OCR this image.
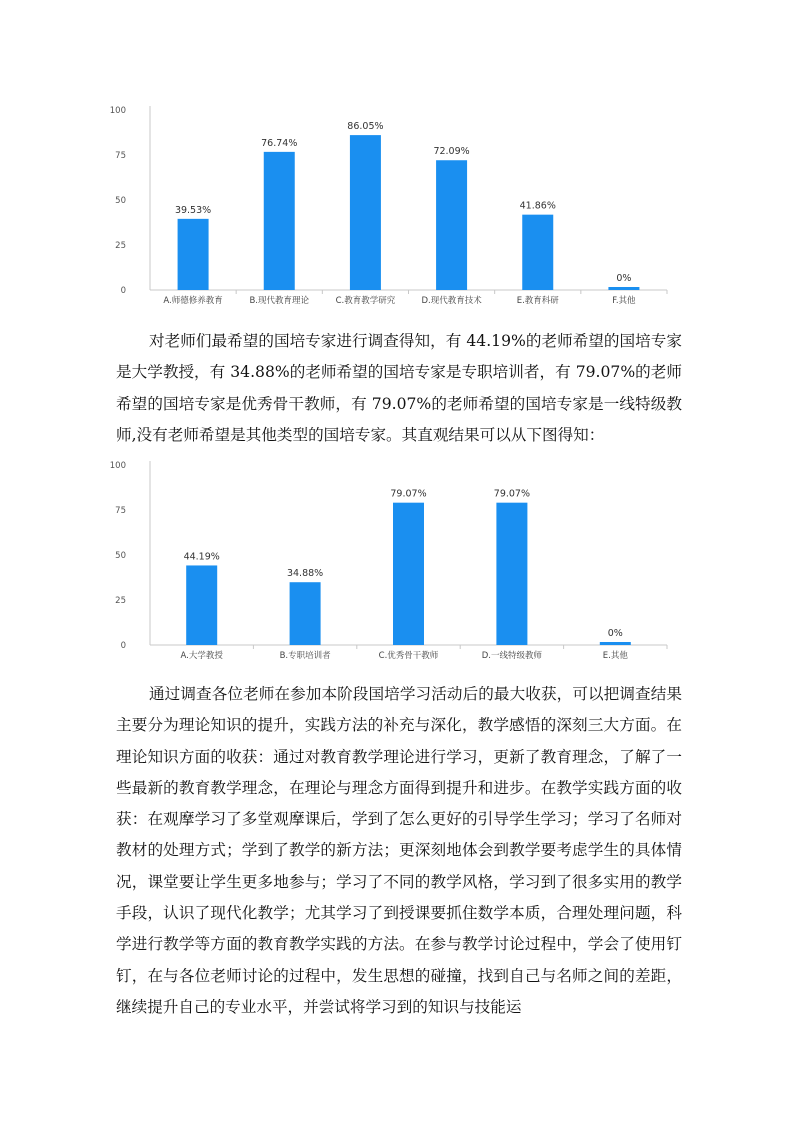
0
25
50
75
100
39.53%
A.师德修养教育
76.74%
B.现代教育理论
86.05%
C.教育教学研究
72.09%
D.现代教育技术
41.86%
E.教育科研
0%
F.其他

对老师们最希望的国培专家进行调查得知，有 44.19%的老师希望的国培专家是大学教授，有 34.88%的老师希望的国培专家是专职培训者，有 79.07%的老师希望的国培专家是优秀骨干教师，有 79.07%的老师希望的国培专家是一线特级教师,没有老师希望是其他类型的国培专家。其直观结果可以从下图得知：

0
25
50
75
100
44.19%
A.大学教授
34.88%
B.专职培训者
79.07%
C.优秀骨干教师
79.07%
D.一线特级教师
0%
E.其他

通过调查各位老师在参加本阶段国培学习活动后的最大收获，可以把调查结果主要分为理论知识的提升，实践方法的补充与深化，教学感悟的深刻三大方面。在理论知识方面的收获：通过对教育教学理论进行学习，更新了教育理念，了解了一些最新的教育教学理念，在理论与理念方面得到提升和进步。在教学实践方面的收获：在观摩学习了多堂观摩课后，学到了怎么更好的引导学生学习；学习了名师对教材的处理方式；学到了教学的新方法；更深刻地体会到教学要考虑学生的具体情况，课堂要让学生更多地参与；学习了不同的教学风格，学习到了很多实用的教学手段，认识了现代化教学；尤其学习了到授课要抓住数学本质，合理处理问题，科学进行教学等方面的教育教学实践的方法。在参与教学讨论过程中，学会了使用钉钉，在与各位老师讨论的过程中，发生思想的碰撞，找到自己与名师之间的差距，继续提升自己的专业水平，并尝试将学习到的知识与技能运
